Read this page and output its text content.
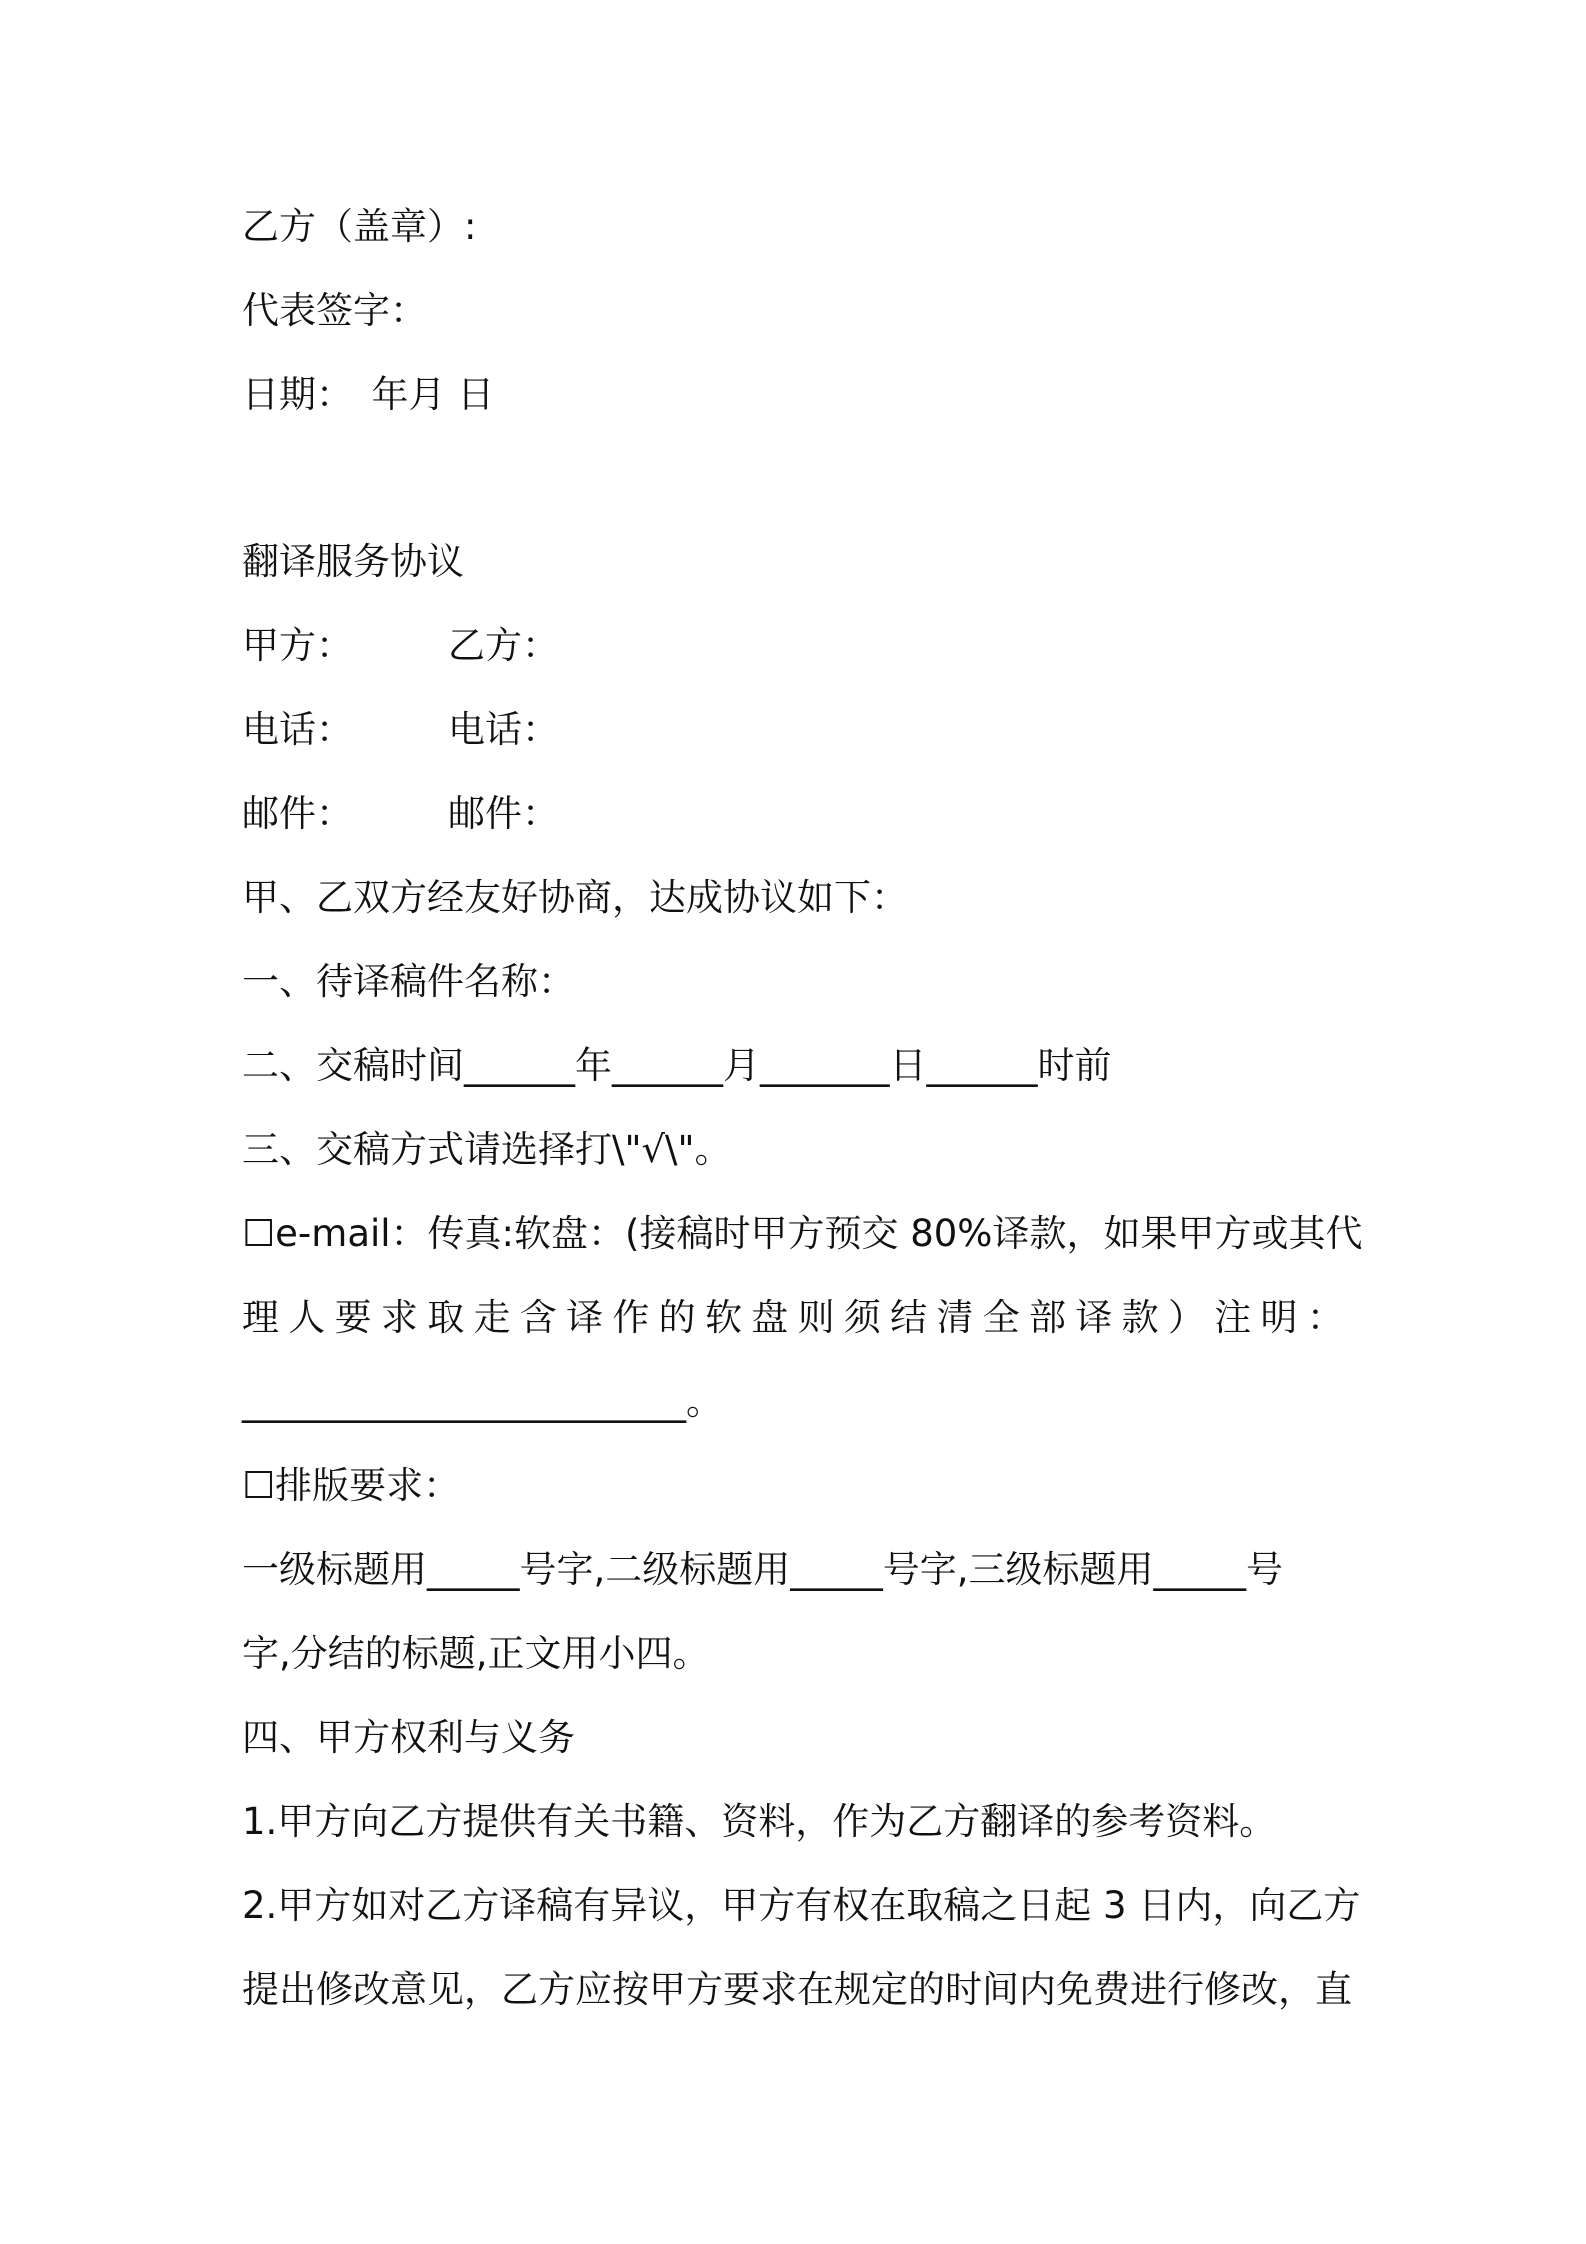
乙方（盖章）:
代表签字：
日期：　年月 日
翻译服务协议
甲方：	乙方：
电话：	电话：
邮件：	邮件：
甲、乙双方经友好协商，达成协议如下：
一、待译稿件名称：
二、交稿时间______年______月_______日______时前
三、交稿方式请选择打\"√\"。
☐e-mail：传真:软盘：(接稿时甲方预交 80%译款，如果甲方或其代
理 人 要 求 取 走 含 译 作 的 软 盘 则 须 结 清 全 部 译 款 ） 注 明 ：
________________________。
☐排版要求：
一级标题用_____号字,二级标题用_____号字,三级标题用_____号
字,分结的标题,正文用小四。
四、甲方权利与义务
1.甲方向乙方提供有关书籍、资料，作为乙方翻译的参考资料。
2.甲方如对乙方译稿有异议，甲方有权在取稿之日起 3 日内，向乙方
提出修改意见，乙方应按甲方要求在规定的时间内免费进行修改，直
